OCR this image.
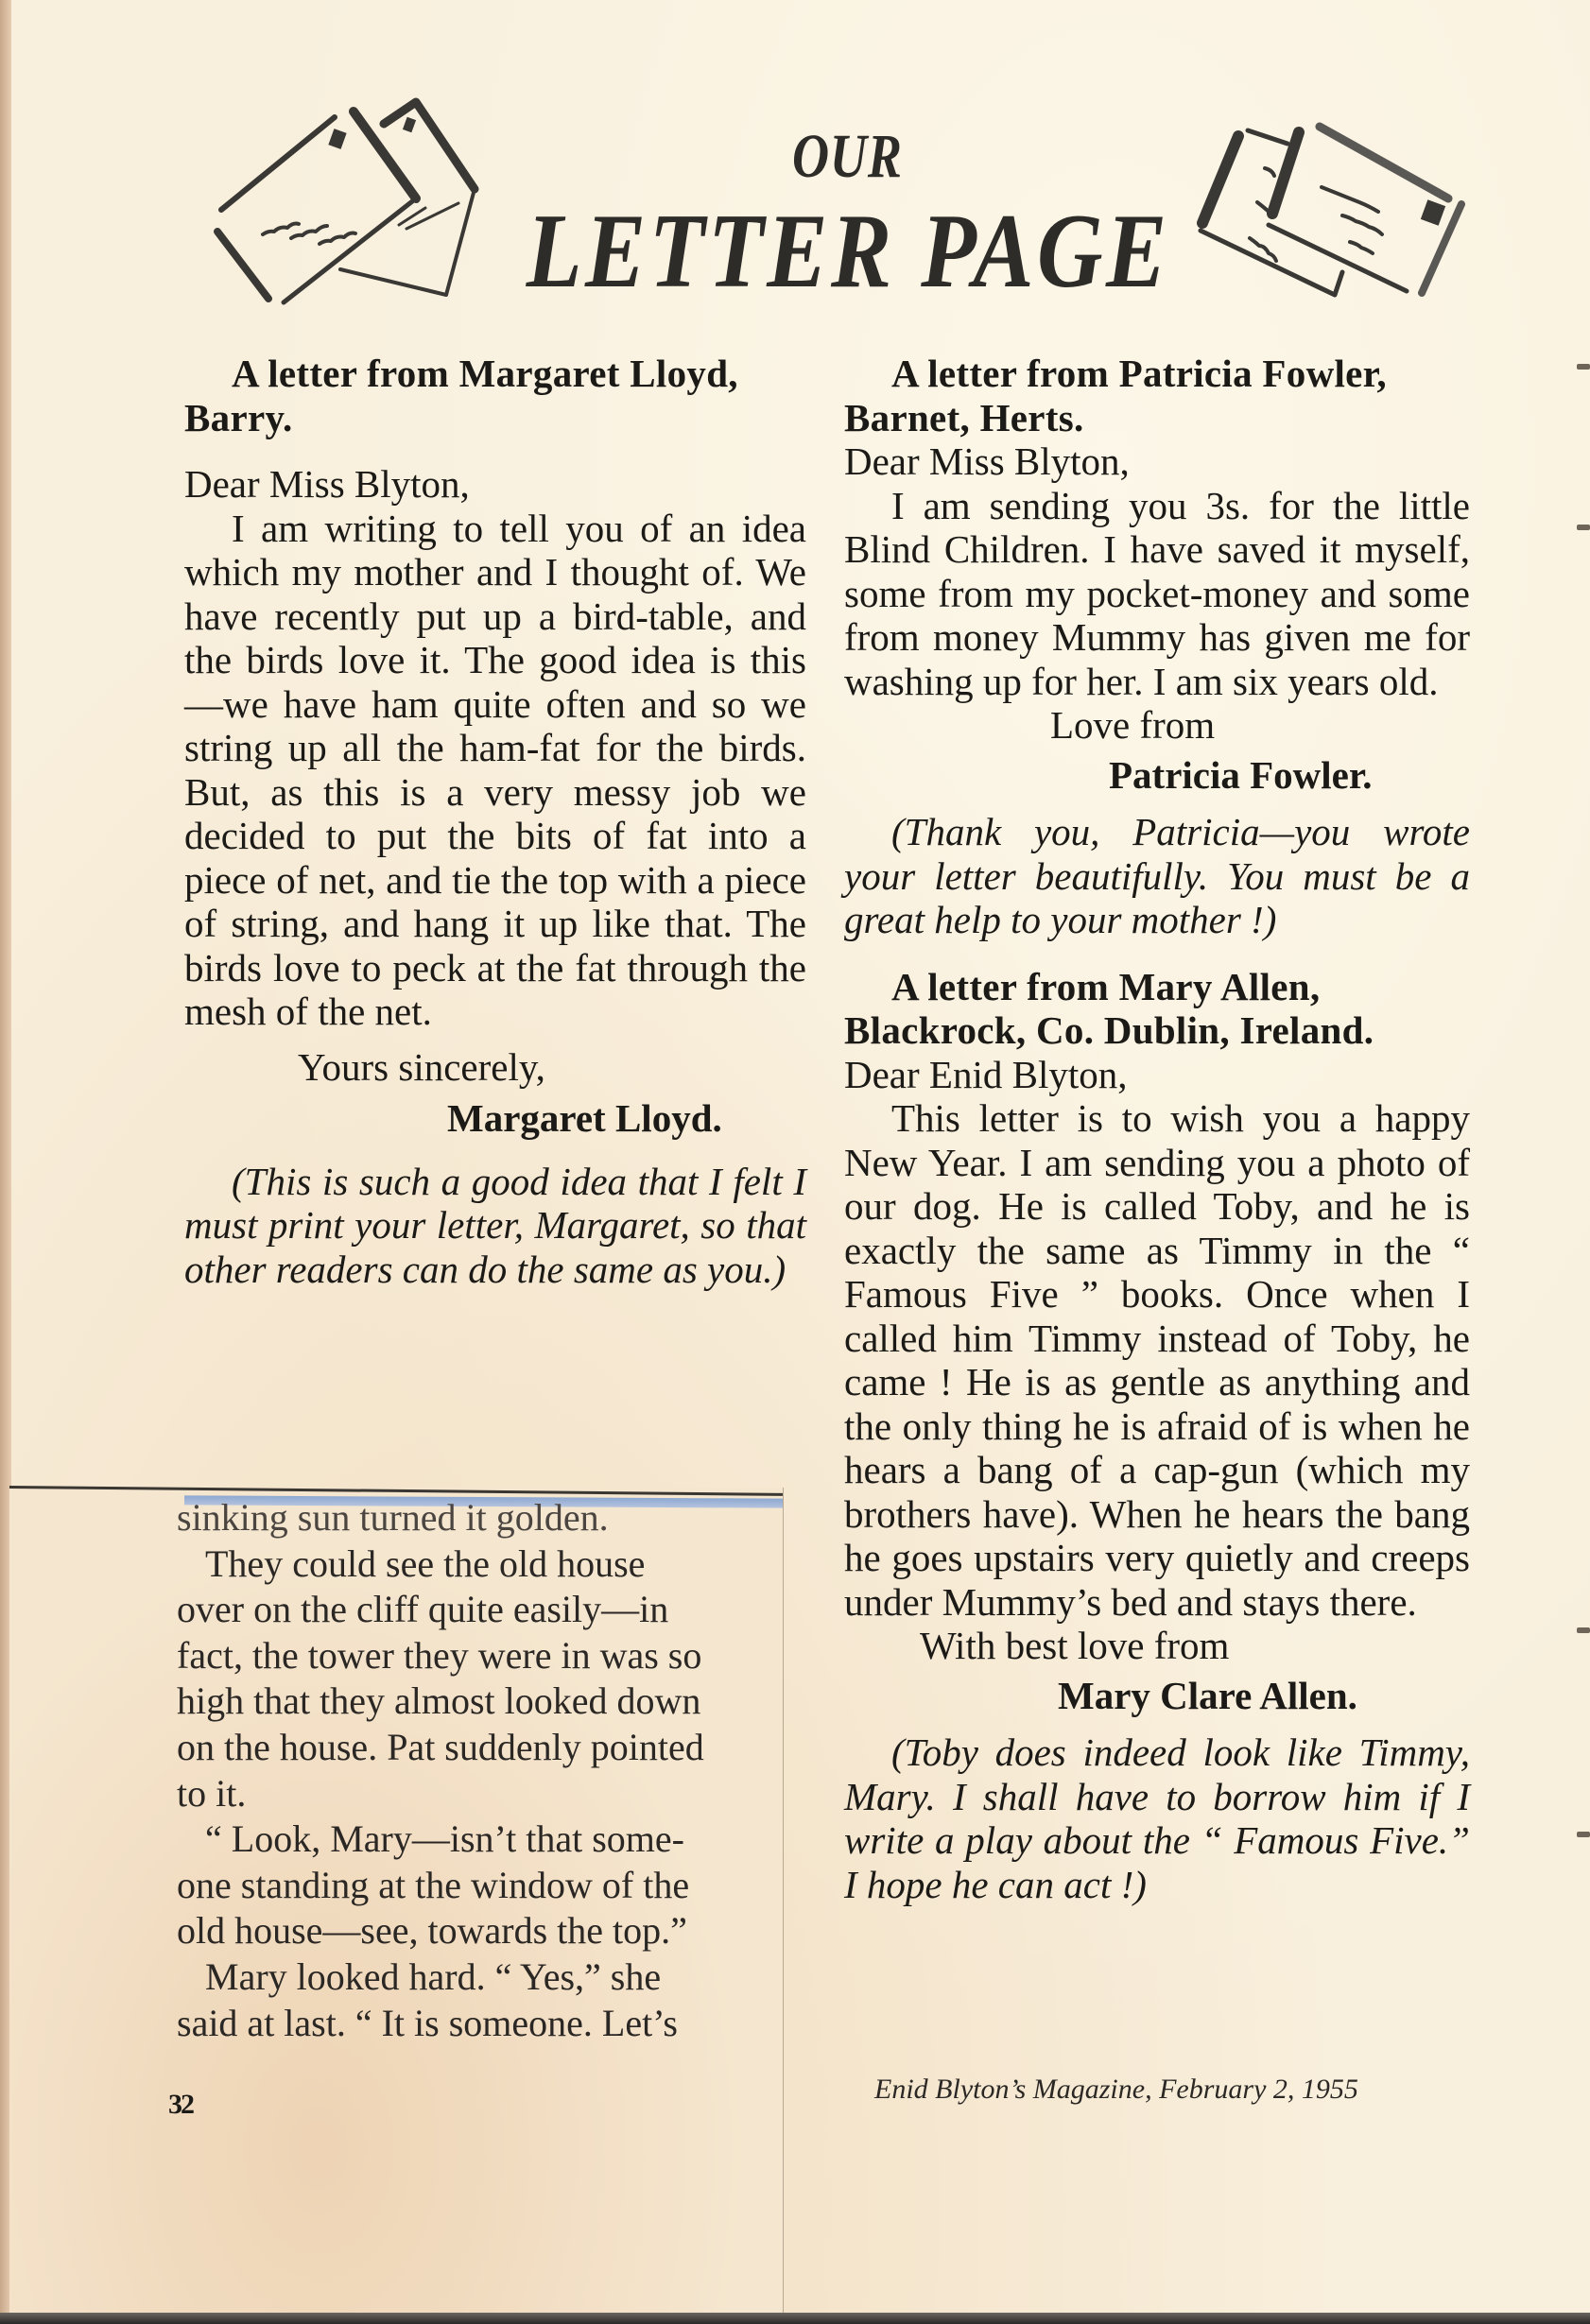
OUR
LETTER PAGE

A letter from Margaret Lloyd,

Barry.

Dear Miss Blyton,

I am writing to tell you of an idea which my mother and I thought of. We have recently put up a bird-table, and the birds love it. The good idea is this—we have ham quite often and so we string up all the ham-fat for the birds. But, as this is a very messy job we decided to put the bits of fat into a piece of net, and tie the top with a piece of string, and hang it up like that. The birds love to peck at the fat through the mesh of the net.

Yours sincerely,

Margaret Lloyd.

(This is such a good idea that I felt I must print your letter, Margaret, so that other readers can do the same as you.)

sinking sun turned it golden.
They could see the old house
over on the cliff quite easily—in
fact, the tower they were in was so
high that they almost looked down
on the house. Pat suddenly pointed
to it.
“ Look, Mary—isn’t that some-
one standing at the window of the
old house—see, towards the top.”
Mary looked hard. “ Yes,” she
said at last. “ It is someone. Let’s
32

A letter from Patricia Fowler,

Barnet, Herts.

Dear Miss Blyton,

I am sending you 3s. for the little Blind Children. I have saved it myself, some from my pocket-money and some from money Mummy has given me for washing up for her. I am six years old.

Love from

Patricia Fowler.

(Thank you, Patricia—you wrote your letter beautifully. You must be a great help to your mother !)

A letter from Mary Allen,

Blackrock, Co. Dublin, Ireland.

Dear Enid Blyton,

This letter is to wish you a happy New Year. I am sending you a photo of our dog. He is called Toby, and he is exactly the same as Timmy in the “ Famous Five ” books. Once when I called him Timmy instead of Toby, he came ! He is as gentle as anything and the only thing he is afraid of is when he hears a bang of a cap-gun (which my brothers have). When he hears the bang he goes upstairs very quietly and creeps under Mummy’s bed and stays there.

With best love from

Mary Clare Allen.

(Toby does indeed look like Timmy, Mary. I shall have to borrow him if I write a play about the “ Famous Five.” I hope he can act !)

Enid Blyton’s Magazine, February 2, 1955
